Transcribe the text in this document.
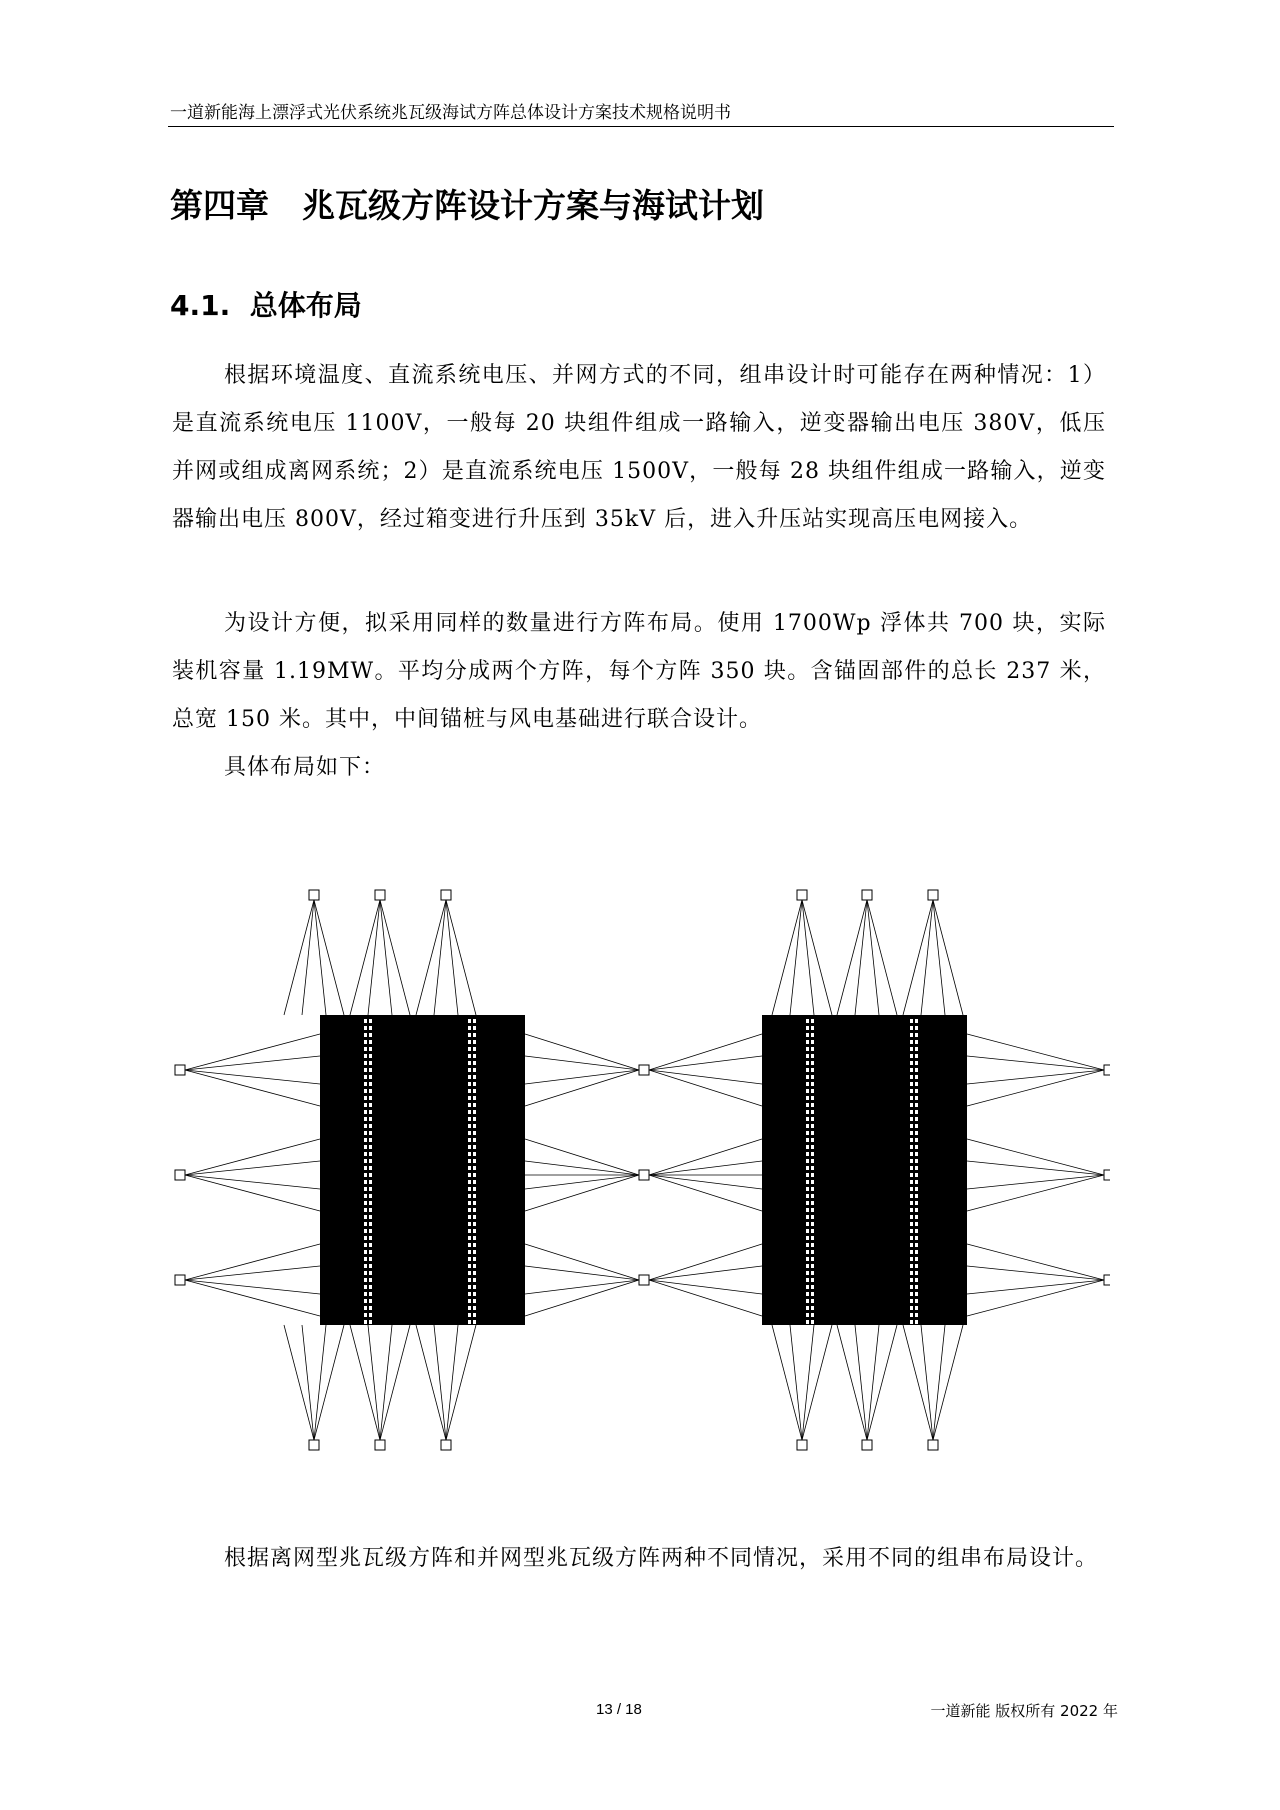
一道新能海上漂浮式光伏系统兆瓦级海试方阵总体设计方案技术规格说明书
第四章　兆瓦级方阵设计方案与海试计划
4.1.  总体布局

根据环境温度、直流系统电压、并网方式的不同，组串设计时可能存在两种情况：1）是直流系统电压 1100V，一般每 20 块组件组成一路输入，逆变器输出电压 380V，低压并网或组成离网系统；2）是直流系统电压 1500V，一般每 28 块组件组成一路输入，逆变器输出电压 800V，经过箱变进行升压到 35kV 后，进入升压站实现高压电网接入。

为设计方便，拟采用同样的数量进行方阵布局。使用 1700Wp 浮体共 700 块，实际装机容量 1.19MW。平均分成两个方阵，每个方阵 350 块。含锚固部件的总长 237 米，总宽 150 米。其中，中间锚桩与风电基础进行联合设计。

具体布局如下：

根据离网型兆瓦级方阵和并网型兆瓦级方阵两种不同情况，采用不同的组串布局设计。

13 / 18	一道新能 版权所有 2022 年
